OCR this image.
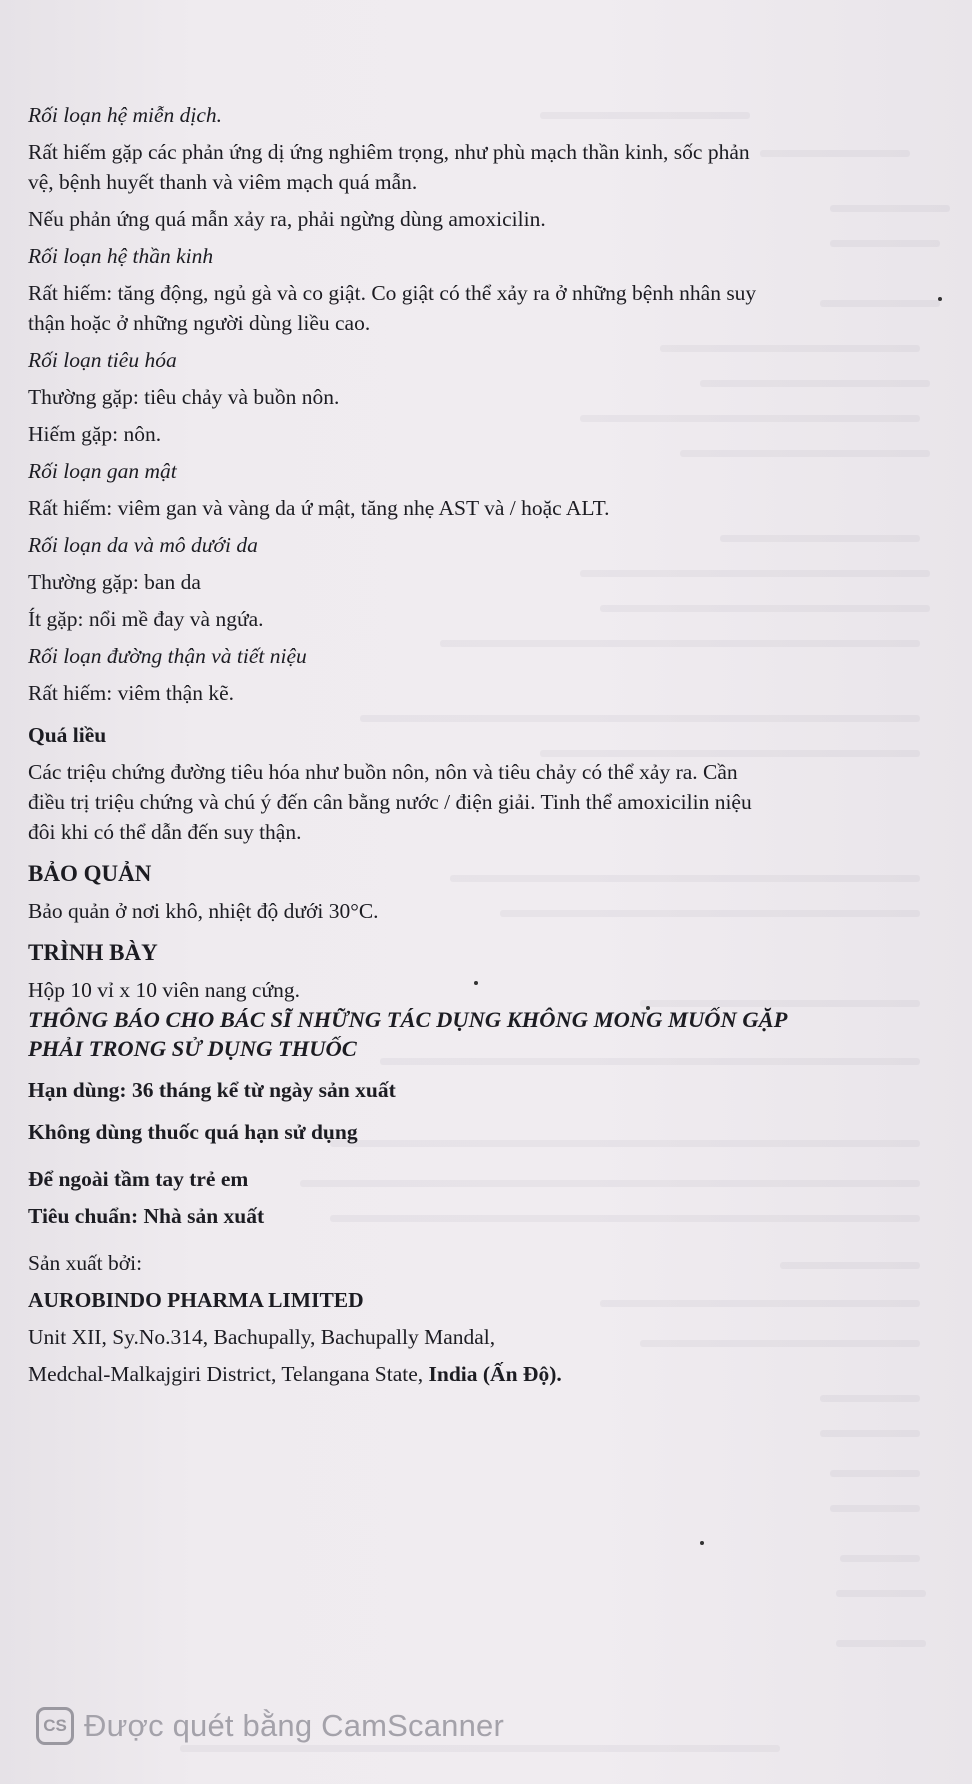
Rối loạn hệ miễn dịch.

Rất hiếm gặp các phản ứng dị ứng nghiêm trọng, như phù mạch thần kinh, sốc phản

vệ, bệnh huyết thanh và viêm mạch quá mẫn.

Nếu phản ứng quá mẫn xảy ra, phải ngừng dùng amoxicilin.

Rối loạn hệ thần kinh

Rất hiếm: tăng động, ngủ gà và co giật. Co giật có thể xảy ra ở những bệnh nhân suy

thận hoặc ở những người dùng liều cao.

Rối loạn tiêu hóa

Thường gặp: tiêu chảy và buồn nôn.

Hiếm gặp: nôn.

Rối loạn gan mật

Rất hiếm: viêm gan và vàng da ứ mật, tăng nhẹ AST và / hoặc ALT.

Rối loạn da và mô dưới da

Thường gặp: ban da

Ít gặp: nổi mề đay và ngứa.

Rối loạn đường thận và tiết niệu

Rất hiếm: viêm thận kẽ.

Quá liều

Các triệu chứng đường tiêu hóa như buồn nôn, nôn và tiêu chảy có thể xảy ra. Cần

điều trị triệu chứng và chú ý đến cân bằng nước / điện giải. Tinh thể amoxicilin niệu

đôi khi có thể dẫn đến suy thận.

BẢO QUẢN

Bảo quản ở nơi khô, nhiệt độ dưới 30°C.

TRÌNH BÀY

Hộp 10 vỉ x 10 viên nang cứng.

THÔNG BÁO CHO BÁC SĨ NHỮNG TÁC DỤNG KHÔNG MONG MUỐN GẶP

PHẢI TRONG SỬ DỤNG THUỐC

Hạn dùng: 36 tháng kể từ ngày sản xuất

Không dùng thuốc quá hạn sử dụng

Để ngoài tầm tay trẻ em

Tiêu chuẩn: Nhà sản xuất

Sản xuất bởi:

AUROBINDO PHARMA LIMITED

Unit XII, Sy.No.314, Bachupally, Bachupally Mandal,

Medchal-Malkajgiri District, Telangana State, India (Ấn Độ).

CS Được quét bằng CamScanner
